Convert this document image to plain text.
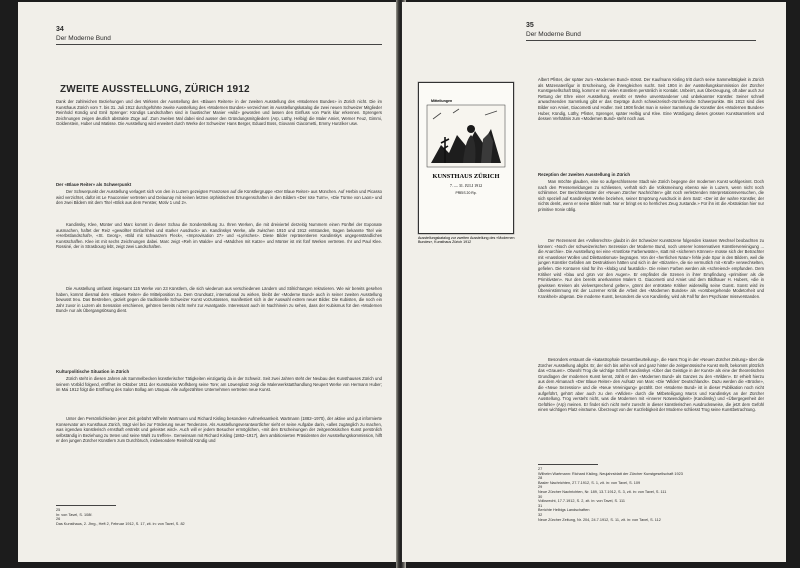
34
Der Moderne Bund
ZWEITE AUSSTELLUNG, ZÜRICH 1912
Dank der zahlreichen Beziehungen und des Wirkens der Ausstellung des «Blauen Reiters» in der zweiten Ausstellung des «Modernen Bundes» in Zürich nicht. Die im Kunsthaus Zürich vom 7. bis 31. Juli 1912 durchgeführte zweite Ausstellung des «Modernen Bundes» verzeichnet im Ausstellungskatalog die zwei neuen Schweizer Mitglieder Reinhold Kündig und Emil Sprenger: Kündigs Landschaften sind in faustischer Manier «wild» geworden und lassen den Einfluss von Paris klar erkennen. Sprengers Zeichnungen zeigen deutlich abstrakte Züge auf. Zum zweiten Mal dabei sind ausser den Gründungsmitgliedern (Arp, Lüthy, Helbig) die Maler Amiet, Werner Feuz, Gimmi, Goldenstein, Huber und Matisse. Die Ausstellung wird erweitert durch Werke der Schweizer Hans Berger, Eduard Boss, Giovanni Giacometti, Emmy Hunziker usw.
Der «Blaue Reiter» als Schwerpunkt
Der Schwerpunkt der Ausstellung verlagert sich von den in Luzern gezeigten Franzosen auf die Künstlergruppe «Der Blaue Reiter» aus München. Auf Herbin und Picasso wird verzichtet, dafür ist Le Fauconnier vertreten und Delaunay mit seinen letzten orphistischen Errungenschaften in den Bildern «Der rote Turm», «Die Türme von Laon» und den zwei Bildern mit dem Titel «Blick aus dem Fenster, Motiv 1 und 2».
Kandinsky, Klee, Münter und Marc kommt in dieser Schau die Sonderstellung zu. Ihren Werken, die mit dreiviertel derzeitig Nummern einen Fünftel der Exponate ausmachen, haftet der Reiz «gewollter Einfachheit und starker Ausdruck» an. Kandinskys Werke, alle zwischen 1910 und 1912 entstanden, tragen bekannte Titel wie «Herbstlandschaft», «St. Georg», «Bild mit schwarzem Fleck», «Improvisation 27» und «Lyrisches». Diese Bilder repräsentieren Kandinskys ungegenständliches Kunstschaffen. Klee ist mit sechs Zeichnungen dabei. Marc zeigt «Reh im Walde» und «Mädchen mit Katze» und Münter ist mit fünf Werken vertreten. Ihr und Paul Klee. Rossiné, der in Strasbourg lebt, zeigt zwei Landschaften.
Die Ausstellung umfasst insgesamt 115 Werke von 23 Künstlern, die sich wiederum aus verschiedenen Ländern und Stilrichtungen rekrutieren. Wie wir bereits gesehen haben, kommt diesmal dem «Blauen Reiter» die Mittelposition zu. Dem Grundsatz, international zu wirken, bleibt der «Moderne Bund» auch in seiner zweiten Ausstellung bewusst treu. Das Bestreben, gezielt gegen die traditionelle Schweizer Kunst vorzustossen, manifestiert sich in der Auswahl extrem neuer Bilder. Die Kubisten, die noch ein Jahr zuvor in Luzern als Sensation erschienen, gehören bereits nicht mehr zur Avantgarde. Interessant auch im Nachhinein zu sehen, dass der Kubismus für den «Modernen Bund» nur als Übergangslösung dient.
Kulturpolitische Situation in Zürich
Zürich steht in diesen Jahren als Sammelbecken künstlerischer Tätigkeiten einzigartig da in der Schweiz. Seit zwei Jahren steht der Neubau des Kunsthauses Zürich und seinem Vorbild folgend, eröffnet im Oktober 1911 der Kunstsalon Wolfsberg seine Tore; am Löwenplatz zeigt die Malerwerkstatthandlung Neupert Werke von Hermann Huber; im Mai 1912 folgt die Eröffnung des Salon Bollag am Utoquai. Alle aufgezählten Unternehmen vertreten neue Kunst.
Unter den Persönlichkeiten jener Zeit gebührt Wilhelm Wartmann und Richard Kisling besondere Aufmerksamkeit. Wartmann (1882–1970), der aktive und gut informierte Konservator am Kunsthaus Zürich, trägt viel bei zur Förderung neuer Tendenzen. Als Ausstellungsverantwortlicher sieht er seine Aufgabe darin, «alles zugänglich zu machen, was irgendwo künstlerisch ernsthaft erstrebt und geleistet wird». Auch will er jedem Besucher ermöglichen, «mit den Erscheinungen der zeitgenössischen Kunst persönlich selbständig in Beziehung zu treten und seine Wahl zu treffen». Gemeinsam mit Richard Kisling (1862–1917), dem ambitionierten Präsidenten der Ausstellungskommission, hilft er den jungen Zürcher Künstlern zum Durchbruch, insbesondere Reinhold Kündig und
25
In: von Tavel, S. 108f.
26
Das Kunsthaus, 2. Jhrg., Heft 2, Februar 1912, S. 17, zit. in: von Tavel, S. 82
35
Der Moderne Bund
Albert Pfister, der später zum «Modernen Bund» stösst. Der Kaufmann Kisling tritt durch seine Sammeltätigkeit in Zürich als Mäzenatenfigur in Erscheinung, die ihresgleichen sucht. Seit 1904 in der Ausstellungskommission der Zürcher Kunstgesellschaft tätig, kommt er mit vielen Künstlern persönlich in Kontakt. Unbeirrt, aus Überzeugung, oft aber auch zur Rettung der Ehre einer Ausstellung, erwirbt er Werke unverstandener und unbekannter Künstler. Seiner schnell anwachsenden Sammlung gibt er das Gepräge durch schweizerisch-zürcherische Schwerpunkte. Bis 1913 sind dies Bilder von Amiet, Giacometti und Hodler. Seit 1908 findet man in seiner Sammlung die Künstler des «Modernen Bundes» Huber, Kündig, Lüthy, Pfister, Sprenger, später Helbig und Klee. Eine Würdigung dieses grossen Kunstsammlers und dessen Verhältnis zum «Modernen Bund» steht noch aus.
Rezeption der zweiten Ausstellung in Zürich
Man möchte glauben, eine so aufgeschlossene Stadt wie Zürich begegne der modernen Kunst wohlgesinnt. Doch nach den Pressemeldungen zu schliessen, verhält sich die Volksmeinung ebenso wie in Luzern, wenn nicht noch schlimmer. Der Berichterstatter der «Neuen Zürcher Nachrichten» gibt noch verletzenden Interpretationsversuchen, die sich speziell auf Kandinskys Werke beziehen, seiner Empörung Ausdruck in dem Satz: «Der ist der wahre Künstler, der nichts denkt, wenn er seine Bilder malt. Nur er bringt es so herrliches Zeug zustande.» Für ihn ist die Abstraktion hier nur primitive Ironie üblig.
Der Rezensent des «Volksrechts» glaubt in der Schweizer Kunstszene folgenden krassen Wechsel beobachten zu können: «Noch der schweizerischen Sezession der Moderne Bund, noch unserer konservativen Künstlervereinigung ... die Anarchie». Die Ausstellung sei eine «trostlose Farbenwüste», statt mit «sicherem Können» müsse sich der Betrachter mit «massloser Wollen und Dilettantismus» begnügen. Von der «herrlichen Natur» fehle jede Spur in den Bildern, weil die jungen Künstler Gefallen am Destruktiven hätten und sich in der «Bizarrie», die sie vermutlich mit «Kraft» verwechselten, gefielen. Die Konturen sind für ihn «klobig und faustdick». Die reinen Farben werden als «schreiend» empfunden. Dem Kritiker wird «blau und grün vor den Augen». Er empfindet die Szenen in ihrer Empfindung «primitiver als die Primitivsten». Nur den bereits anerkannten Malern G. Giacometti und Amiet und dem Bildhauer H. Hubers, «die in gewissen Kreisen als vielversprechend gelten», gönnt der entrüstete Kritiker widerwillig seine Gunst. Sonst wird im Übereinstimmung mit der Luzerner Kritik die Arbeit des «Modernen Bundes» als «vorübergehende Modetorheit und Krankheit» abgetan. Die moderne Kunst, besonders die von Kandinsky, wird als Fall für den Psychiater missverstanden.
Besonders erstaunt die «katastrophale Gesamtbeurteilung», die Hans Trog in der «Neuen Zürcher Zeitung» über die Zürcher Ausstellung abgibt. Er, der sich bis anhin voll und ganz hinter die zeitgenössische Kunst stellt, bekommt plötzlich das «Grauen». Obwohl Trog die wichtige Schrift Kandinskys «Über das Geistige in der Kunst» als eine der theoretischen Grundlagen der modernen Kunst kennt, zählt er den «Modernen Bund» als Ganzes zu den «Wilden». Er erhielt hierzu aus dem Almanach «Der Blaue Reiter» den Aufsatz von Marc «Die 'Wilden' Deutschlands». Dazu werden die «Brücke», die «Neue Sezession» und die «Neue Vereinigung» gezählt. Der «Moderne Bund» ist in dieser Publikation noch nicht aufgeführt, gehört aber auch zu den «Wilden» durch die Mitbeteiligung Marcs und Kandinskys an der Zürcher Ausstellung. Trog versteht nicht, was die Modernen mit «innerer Notwendigkeit» (Kandinsky) und «Übergegenheit der Gefühle» (Arp) meinen. Er findet sich nicht mehr zurecht in dieser künstlerischen Ausdrucksweise, die jetzt dem Gefühl einen wichtigen Platz einräume. Überzeugt von der Kurzlebigkeit der Moderne schliesst Trog seine Kunstbetrachtung.
27
Wilhelm Wartmann: Richard Kisling, Neujahrsblatt der Zürcher Kunstgesellschaft 1923
28
Basler Nachrichten, 27.7.1912, S. 1, zit. in: von Tavel, S. 109
29
Neue Zürcher Nachrichten, Nr. 189, 13.7.1912, S. 3, zit. in: von Tavel, S. 111
30
Volksrecht, 17.7.1912, S. 2, zit. in: von Tavel, S. 111
31
Berichte Helbigs Landschaften
32
Neue Zürcher Zeitung, Nr. 204, 24.7.1912, S. 11, zit. in: von Tavel, S. 112
Mitteilungen
KUNSTHAUS ZÜRICH
7. — 31. JULI 1912
PREIS 20 Rp.
Ausstellungskatalog zur zweiten Ausstellung des «Modernen Bundes», Kunsthaus Zürich 1912
